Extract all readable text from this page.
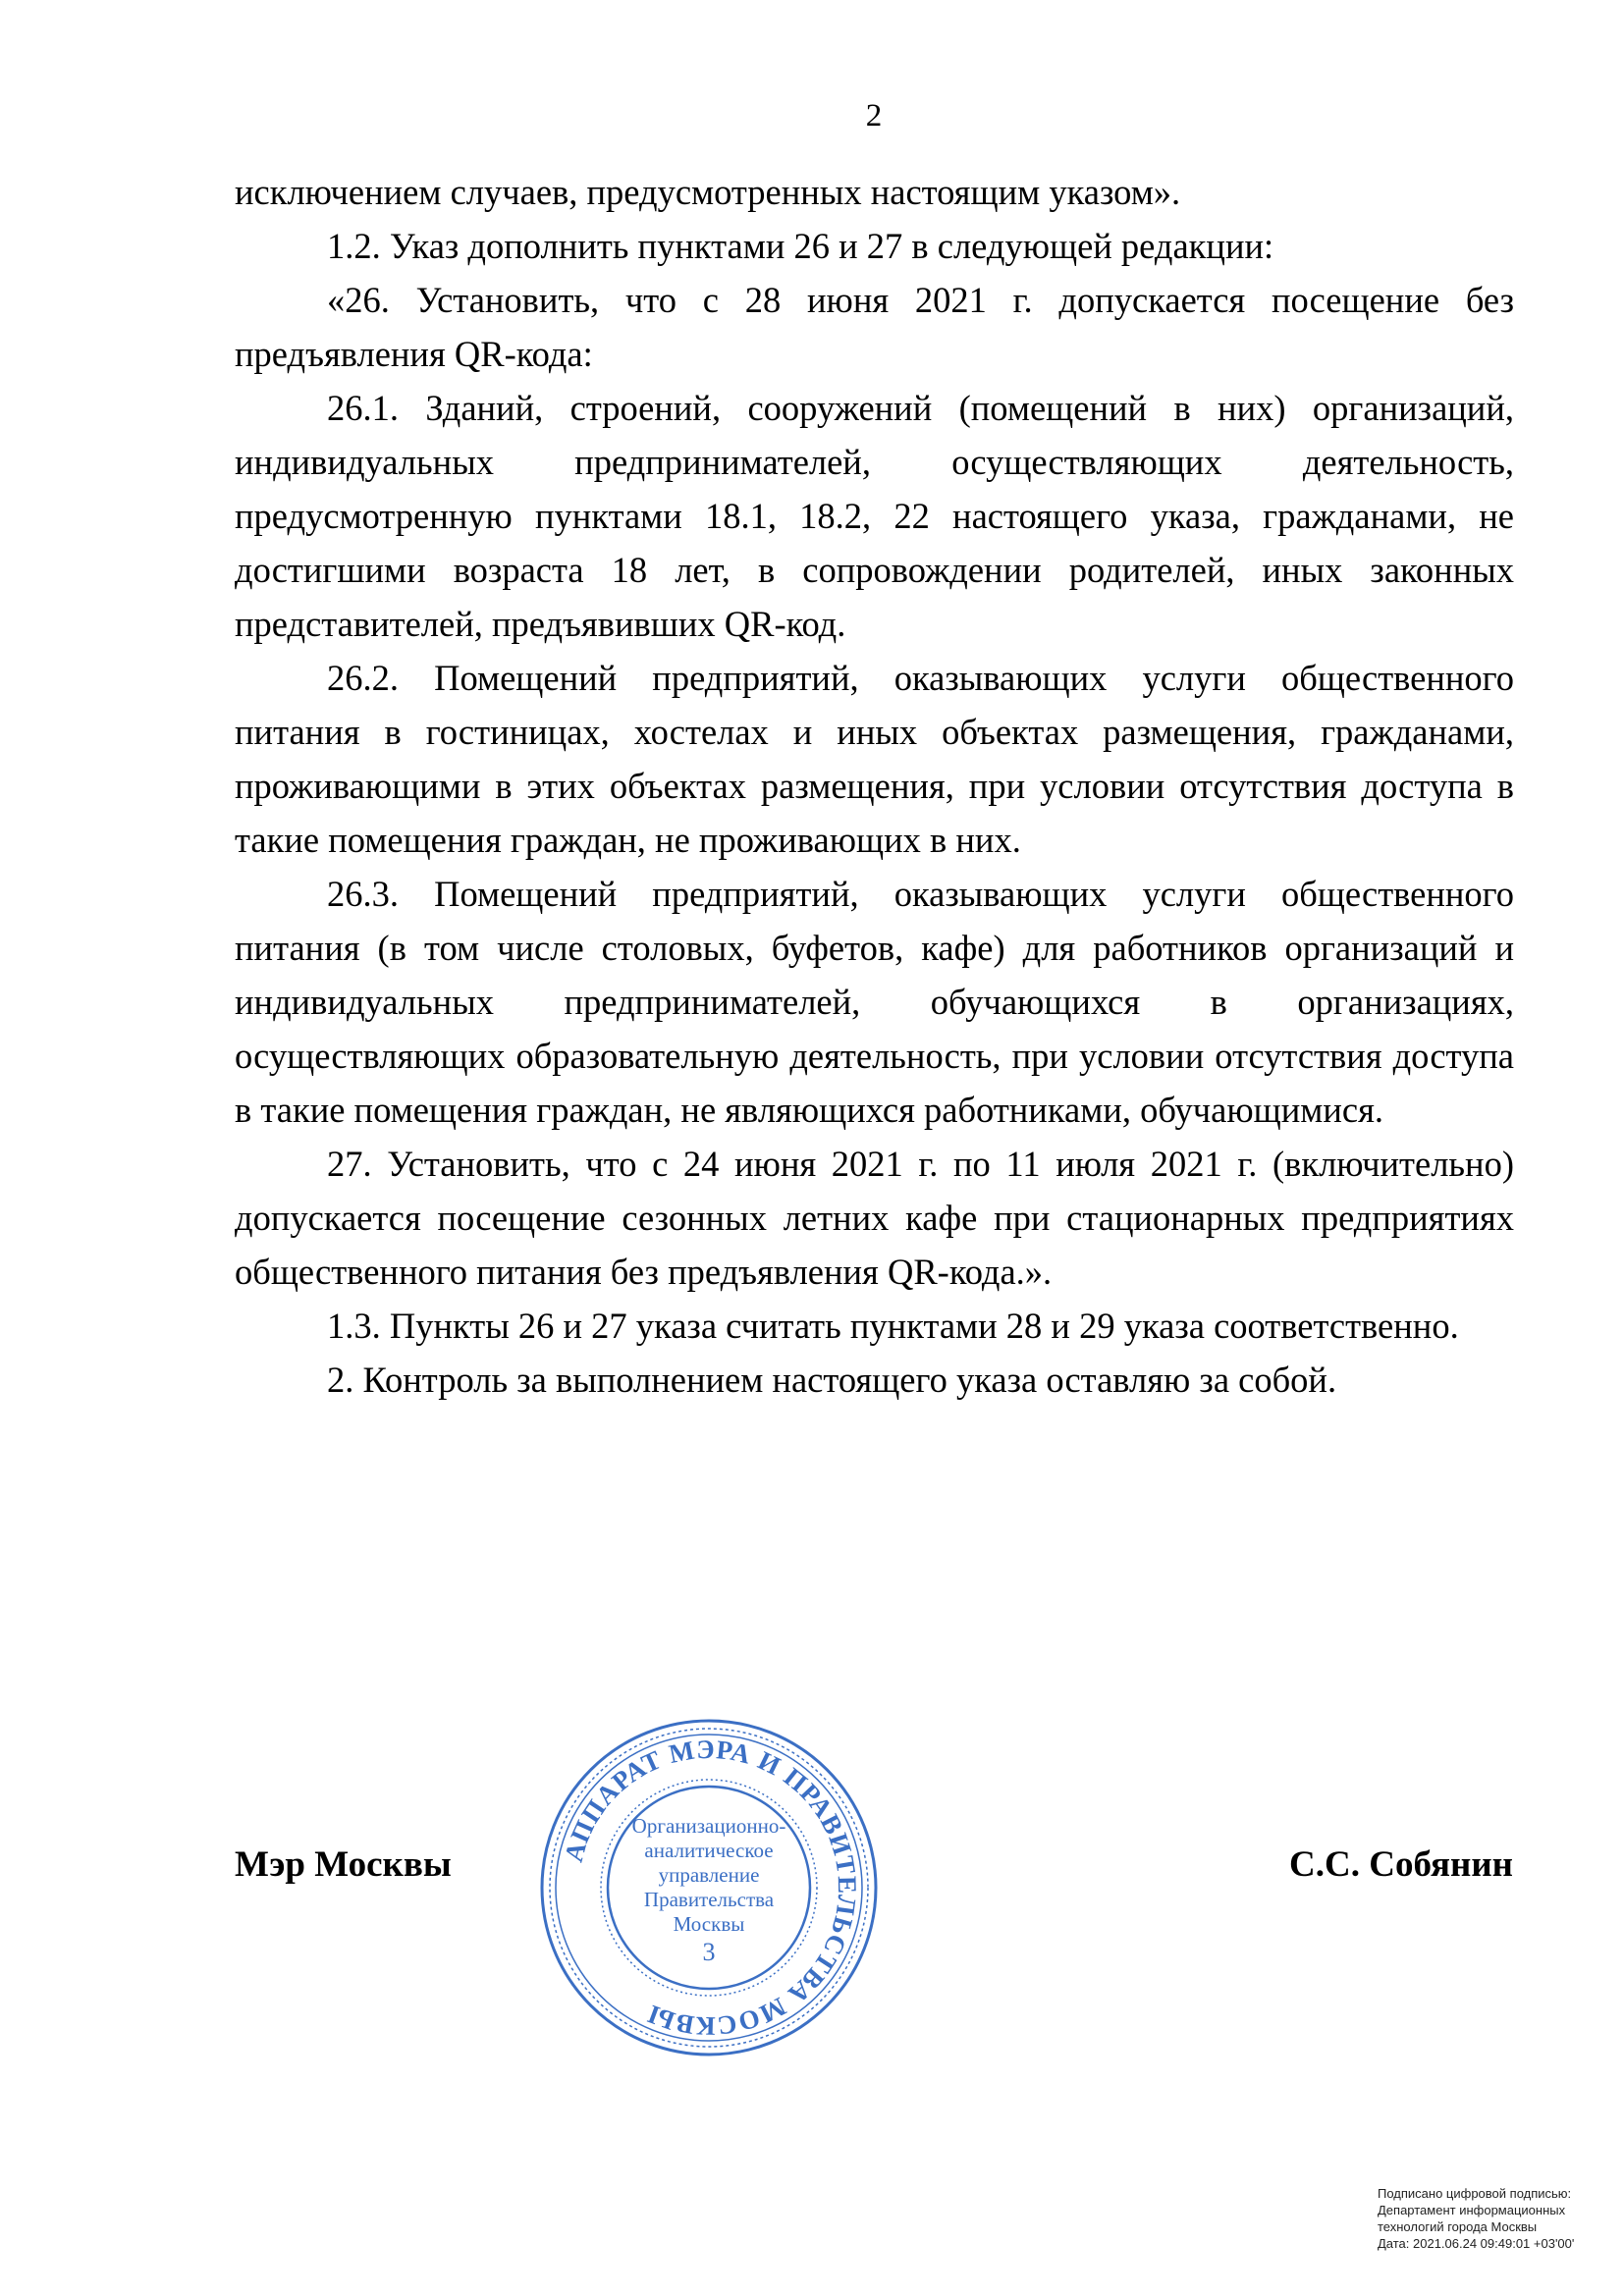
2

исключением случаев, предусмотренных настоящим указом».

1.2. Указ дополнить пунктами 26 и 27 в следующей редакции:

«26. Установить, что с 28 июня 2021 г. допускается посещение без предъявления QR-кода:

26.1. Зданий, строений, сооружений (помещений в них) организаций, индивидуальных предпринимателей, осуществляющих деятельность, предусмотренную пунктами 18.1, 18.2, 22 настоящего указа, гражданами, не достигшими возраста 18 лет, в сопровождении родителей, иных законных представителей, предъявивших QR-код.

26.2. Помещений предприятий, оказывающих услуги общественного питания в гостиницах, хостелах и иных объектах размещения, гражданами, проживающими в этих объектах размещения, при условии отсутствия доступа в такие помещения граждан, не проживающих в них.

26.3. Помещений предприятий, оказывающих услуги общественного питания (в том числе столовых, буфетов, кафе) для работников организаций и индивидуальных предпринимателей, обучающихся в организациях, осуществляющих образовательную деятельность, при условии отсутствия доступа в такие помещения граждан, не являющихся работниками, обучающимися.

27. Установить, что с 24 июня 2021 г. по 11 июля 2021 г. (включительно) допускается посещение сезонных летних кафе при стационарных предприятиях общественного питания без предъявления QR-кода.».

1.3. Пункты 26 и 27 указа считать пунктами 28 и 29 указа соответственно.

2. Контроль за выполнением настоящего указа оставляю за собой.

Мэр Москвы	С.С. Собянин
АППАРАТ МЭРА И ПРАВИТЕЛЬСТВА МОСКВЫ
Организационно-
аналитическое
управление
Правительства
Москвы
3
Подписано цифровой подписью:
Департамент информационных
технологий города Москвы
Дата: 2021.06.24 09:49:01 +03'00'
